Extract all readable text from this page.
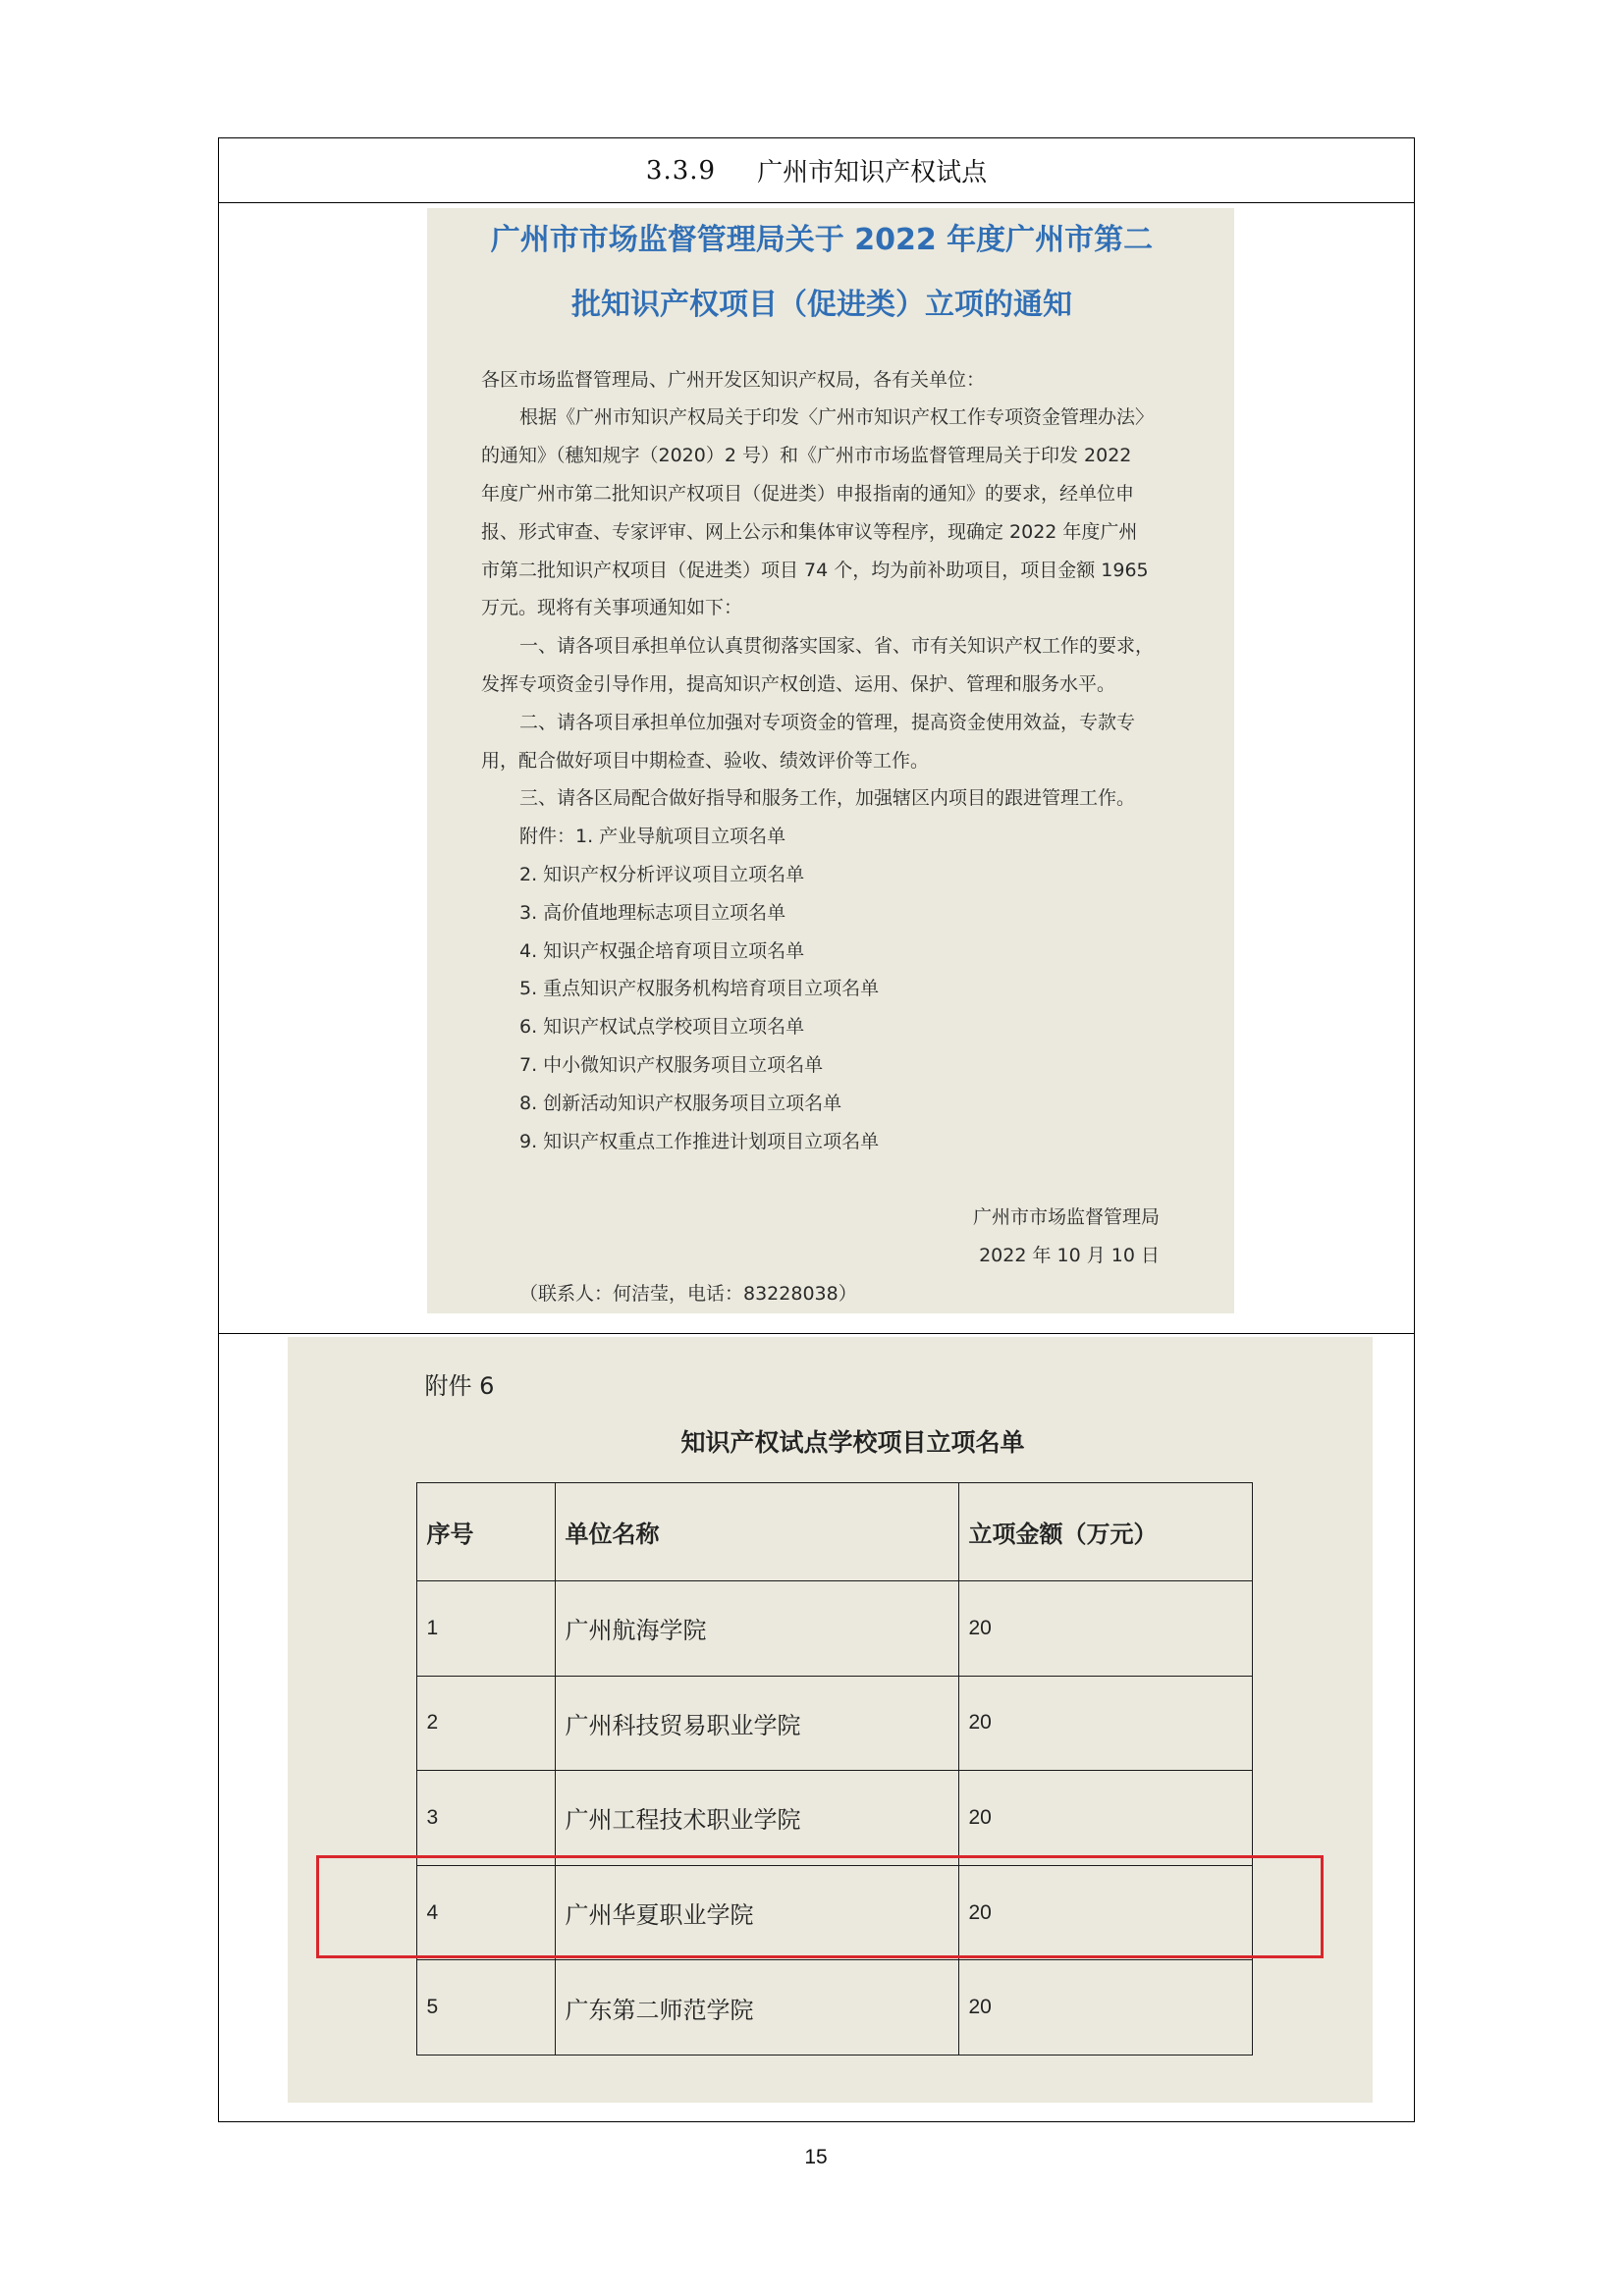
3.3.9 广州市知识产权试点
广州市市场监督管理局关于 2022 年度广州市第二
批知识产权项目（促进类）立项的通知
各区市场监督管理局、广州开发区知识产权局，各有关单位：
根据《广州市知识产权局关于印发〈广州市知识产权工作专项资金管理办法〉
的通知》（穗知规字（2020）2 号）和《广州市市场监督管理局关于印发 2022
年度广州市第二批知识产权项目（促进类）申报指南的通知》的要求，经单位申
报、形式审查、专家评审、网上公示和集体审议等程序，现确定 2022 年度广州
市第二批知识产权项目（促进类）项目 74 个，均为前补助项目，项目金额 1965
万元。现将有关事项通知如下：
一、请各项目承担单位认真贯彻落实国家、省、市有关知识产权工作的要求，
发挥专项资金引导作用，提高知识产权创造、运用、保护、管理和服务水平。
二、请各项目承担单位加强对专项资金的管理，提高资金使用效益，专款专
用，配合做好项目中期检查、验收、绩效评价等工作。
三、请各区局配合做好指导和服务工作，加强辖区内项目的跟进管理工作。
附件：1. 产业导航项目立项名单
2. 知识产权分析评议项目立项名单
3. 高价值地理标志项目立项名单
4. 知识产权强企培育项目立项名单
5. 重点知识产权服务机构培育项目立项名单
6. 知识产权试点学校项目立项名单
7. 中小微知识产权服务项目立项名单
8. 创新活动知识产权服务项目立项名单
9. 知识产权重点工作推进计划项目立项名单
广州市市场监督管理局
2022 年 10 月 10 日
（联系人：何洁莹，电话：83228038）
附件 6
知识产权试点学校项目立项名单
序号	单位名称	立项金额（万元）
1	广州航海学院	20
2	广州科技贸易职业学院	20
3	广州工程技术职业学院	20
4	广州华夏职业学院	20
5	广东第二师范学院	20
15
